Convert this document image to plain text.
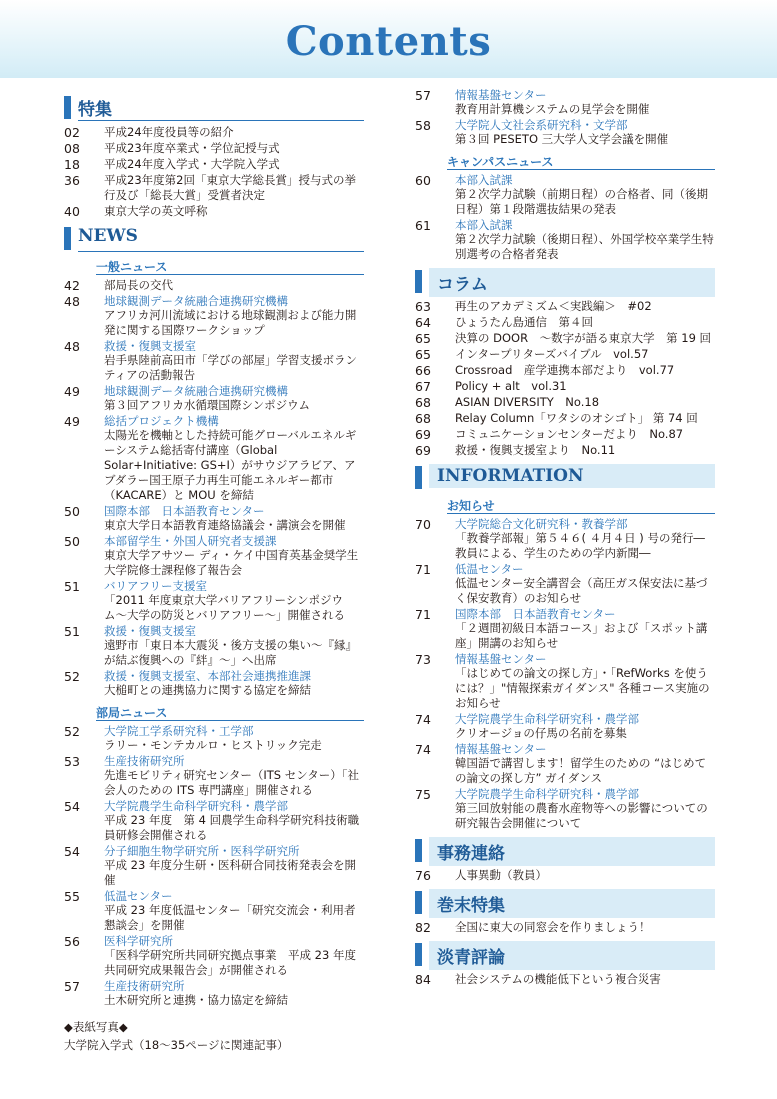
Contents
特集
02	平成24年度役員等の紹介
08	平成23年度卒業式・学位記授与式
18	平成24年度入学式・大学院入学式
36	平成23年度第2回「東京大学総長賞」授与式の挙行及び「総長大賞」受賞者決定
40	東京大学の英文呼称
NEWS
一般ニュース
42	部局長の交代
48	地球観測データ統融合連携研究機構
アフリカ河川流域における地球観測および能力開発に関する国際ワークショップ
48	救援・復興支援室
岩手県陸前高田市「学びの部屋」学習支援ボランティアの活動報告
49	地球観測データ統融合連携研究機構
第３回アフリカ水循環国際シンポジウム
49	総括プロジェクト機構
太陽光を機軸とした持続可能グローバルエネルギーシステム総括寄付講座（Global Solar+Initiative: GS+I）がサウジアラビア、アブダラー国王原子力再生可能エネルギー都市（KACARE）と MOU を締結
50	国際本部　日本語教育センター
東京大学日本語教育連絡協議会・講演会を開催
50	本部留学生・外国人研究者支援課
東京大学アサツー ディ・ケイ中国育英基金奨学生　大学院修士課程修了報告会
51	バリアフリー支援室
「2011 年度東京大学バリアフリーシンポジウム〜大学の防災とバリアフリー〜」開催される
51	救援・復興支援室
遠野市「東日本大震災・後方支援の集い〜『縁』が結ぶ復興への『絆』〜」へ出席
52	救援・復興支援室、本部社会連携推進課
大槌町との連携協力に関する協定を締結
部局ニュース
52	大学院工学系研究科・工学部
ラリー・モンテカルロ・ヒストリック完走
53	生産技術研究所
先進モビリティ研究センター（ITS センター）「社会人のための ITS 専門講座」開催される
54	大学院農学生命科学研究科・農学部
平成 23 年度　第 4 回農学生命科学研究科技術職員研修会開催される
54	分子細胞生物学研究所・医科学研究所
平成 23 年度分生研・医科研合同技術発表会を開催
55	低温センター
平成 23 年度低温センター「研究交流会・利用者懇談会」を開催
56	医科学研究所
「医科学研究所共同研究拠点事業　平成 23 年度共同研究成果報告会」が開催される
57	生産技術研究所
土木研究所と連携・協力協定を締結
57	情報基盤センター
教育用計算機システムの見学会を開催
58	大学院人文社会系研究科・文学部
第３回 PESETO 三大学人文学会議を開催
キャンパスニュース
60	本部入試課
第２次学力試験（前期日程）の合格者、同（後期日程）第１段階選抜結果の発表
61	本部入試課
第２次学力試験（後期日程）、外国学校卒業学生特別選考の合格者発表
コラム
63	再生のアカデミズム＜実践編＞　#02
64	ひょうたん島通信　第４回
65	決算の DOOR　〜数字が語る東京大学　第 19 回
65	インタープリターズバイブル　vol.57
66	Crossroad　産学連携本部だより　vol.77
67	Policy + alt　vol.31
68	ASIAN DIVERSITY　No.18
68	Relay Column「ワタシのオシゴト」 第 74 回
69	コミュニケーションセンターだより　No.87
69	救援・復興支援室より　No.11
INFORMATION
お知らせ
70	大学院総合文化研究科・教養学部
「教養学部報」第５４６( ４月４日 ) 号の発行―教員による、学生のための学内新聞―
71	低温センター
低温センター安全講習会（高圧ガス保安法に基づく保安教育）のお知らせ
71	国際本部　日本語教育センター
「２週間初級日本語コース」および「スポット講座」開講のお知らせ
73	情報基盤センター
「はじめての論文の探し方」・「RefWorks を使うには？」"情報探索ガイダンス" 各種コース実施のお知らせ
74	大学院農学生命科学研究科・農学部
クリオージョの仔馬の名前を募集
74	情報基盤センター
韓国語で講習します！留学生のための “はじめての論文の探し方” ガイダンス
75	大学院農学生命科学研究科・農学部
第三回放射能の農畜水産物等への影響についての研究報告会開催について
事務連絡
76	人事異動（教員）
巻末特集
82	全国に東大の同窓会を作りましょう！
淡青評論
84	社会システムの機能低下という複合災害
◆表紙写真◆
大学院入学式（18〜35ページに関連記事）
